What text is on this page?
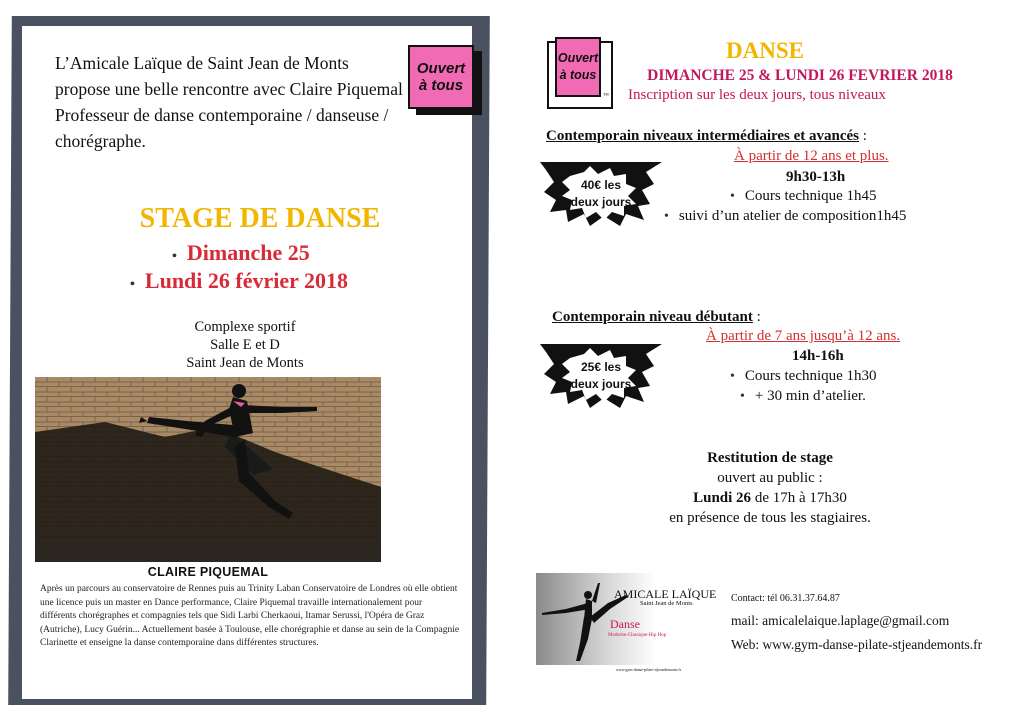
L’Amicale Laïque de Saint Jean de Monts propose une belle rencontre avec Claire Piquemal Professeur de danse contemporaine / danseuse / chorégraphe.
Ouvert
à tous
STAGE DE DANSE
• Dimanche 25
• Lundi 26 février 2018
Complexe sportif
Salle E et D
Saint Jean de Monts
CLAIRE PIQUEMAL
Après un parcours au conservatoire de Rennes puis au Trinity Laban Conservatoire de Londres où elle obtient une licence puis un master en Dance performance, Claire Piquemal travaille internationalement pour différents chorégraphes et compagnies tels que Sidi Larbi Cherkaoui, Itamar Serussi, l'Opéra de Graz (Autriche), Lucy Guérin... Actuellement basée à Toulouse, elle chorégraphie et danse au sein de la Compagnie Clarinette et enseigne la danse contemporaine dans différentes structures.
Ouvert
à tous
™
DANSE
DIMANCHE 25 & LUNDI 26 FEVRIER 2018
Inscription sur les deux jours, tous niveaux
Contemporain niveaux intermédiaires et avancés :
À partir de 12 ans et plus.
9h30-13h
• Cours technique 1h45
• suivi d’un atelier de composition1h45
40€ les
deux jours
Contemporain niveau débutant :
À partir de 7 ans jusqu’à 12 ans.
14h-16h
• Cours technique 1h30
• + 30 min d’atelier.
25€ les
deux jours
Restitution de stage
ouvert au public :
Lundi 26 de 17h à 17h30
en présence de tous les stagiaires.
AMICALE LAÏQUE
Saint Jean de Monts
Danse
Moderne-Classique-Hip Hop
www.gym-danse-pilate-stjeandemonts.fr
Contact: tél 06.31.37.64.87
mail: amicalelaique.laplage@gmail.com
Web: www.gym-danse-pilate-stjeandemonts.fr
